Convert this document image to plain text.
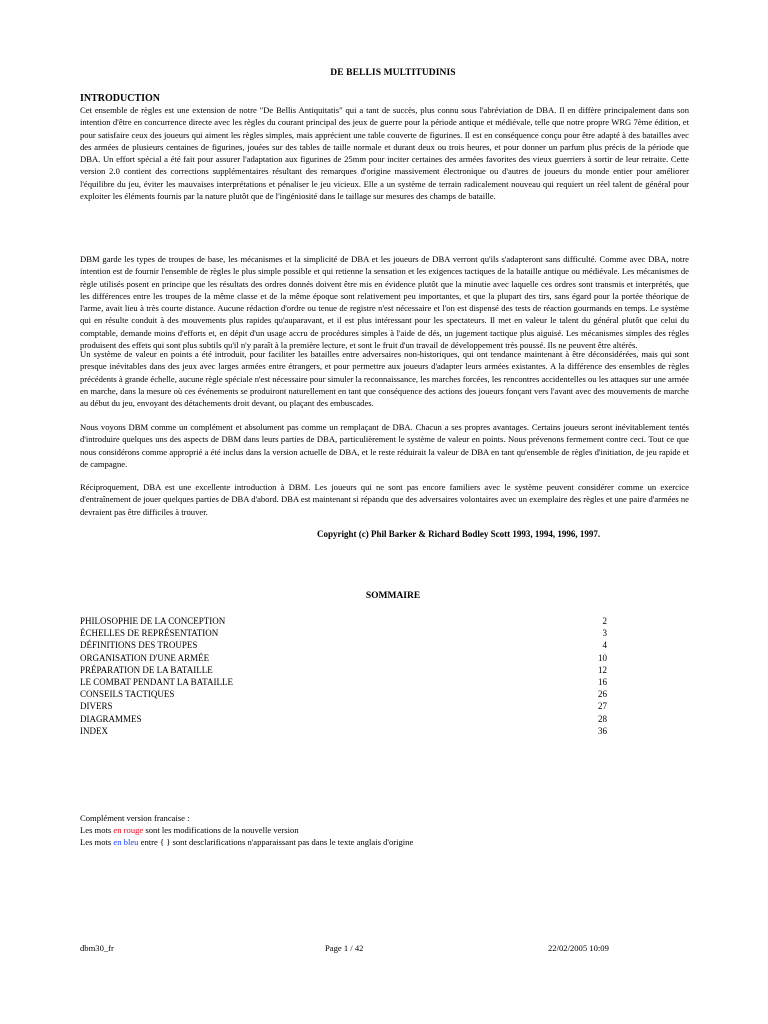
DE BELLIS MULTITUDINIS
INTRODUCTION
Cet ensemble de règles est une extension de notre "De Bellis Antiquitatis" qui a tant de succès, plus connu sous l'abréviation de DBA. Il en diffère principalement dans son intention d'être en concurrence directe avec les règles du courant principal des jeux de guerre pour la période antique et médiévale, telle que notre propre WRG 7ème édition, et pour satisfaire ceux des joueurs qui aiment les règles simples, mais apprécient une table couverte de figurines. Il est en conséquence conçu pour être adapté à des batailles avec des armées de plusieurs centaines de figurines, jouées sur des tables de taille normale et durant deux ou trois heures, et pour donner un parfum plus précis de la période que DBA. Un effort spécial a été fait pour assurer l'adaptation aux figurines de 25mm pour inciter certaines des armées favorites des vieux guerriers à sortir de leur retraite. Cette version 2.0 contient des corrections supplémentaires résultant des remarques d'origine massivement électronique ou d'autres de joueurs du monde entier pour améliorer l'équilibre du jeu, éviter les mauvaises interprétations et pénaliser le jeu vicieux. Elle a un système de terrain radicalement nouveau qui requiert un réel talent de général pour exploiter les éléments fournis par la nature plutôt que de l'ingéniosité dans le taillage sur mesures des champs de bataille.
DBM garde les types de troupes de base, les mécanismes et la simplicité de DBA et les joueurs de DBA verront qu'ils s'adapteront sans difficulté. Comme avec DBA, notre intention est de fournir l'ensemble de règles le plus simple possible et qui retienne la sensation et les exigences tactiques de la bataille antique ou médiévale. Les mécanismes de règle utilisés posent en principe que les résultats des ordres donnés doivent être mis en évidence plutôt que la minutie avec laquelle ces ordres sont transmis et interprétés, que les différences entre les troupes de la même classe et de la même époque sont relativement peu importantes, et que la plupart des tirs, sans égard pour la portée théorique de l'arme, avait lieu à très courte distance. Aucune rédaction d'ordre ou tenue de registre n'est nécessaire et l'on est dispensé des tests de réaction gourmands en temps. Le système qui en résulte conduit à des mouvements plus rapides qu'auparavant, et il est plus intéressant pour les spectateurs. Il met en valeur le talent du général plutôt que celui du comptable, demande moins d'efforts et, en dépit d'un usage accru de procédures simples à l'aide de dés, un jugement tactique plus aiguisé. Les mécanismes simples des règles produisent des effets qui sont plus subtils qu'il n'y paraît à la première lecture, et sont le fruit d'un travail de développement très poussé. Ils ne peuvent être altérés.
Un système de valeur en points a été introduit, pour faciliter les batailles entre adversaires non-historiques, qui ont tendance maintenant à être déconsidérées, mais qui sont presque inévitables dans des jeux avec larges armées entre étrangers, et pour permettre aux joueurs d'adapter leurs armées existantes. A la différence des ensembles de règles précédents à grande échelle, aucune règle spéciale n'est nécessaire pour simuler la reconnaissance, les marches forcées, les rencontres accidentelles ou les attaques sur une armée en marche, dans la mesure où ces événements se produiront naturellement en tant que conséquence des actions des joueurs fonçant vers l'avant avec des mouvements de marche au début du jeu, envoyant des détachements droit devant, ou plaçant des embuscades.
Nous voyons DBM comme un complément et absolument pas comme un remplaçant de DBA. Chacun a ses propres avantages. Certains joueurs seront inévitablement tentés d'introduire quelques uns des aspects de DBM dans leurs parties de DBA, particulièrement le système de valeur en points. Nous prévenons fermement contre ceci. Tout ce que nous considérons comme approprié a été inclus dans la version actuelle de DBA, et le reste réduirait la valeur de DBA en tant qu'ensemble de règles d'initiation, de jeu rapide et de campagne.
Réciproquement, DBA est une excellente introduction à DBM. Les joueurs qui ne sont pas encore familiers avec le système peuvent considérer comme un exercice d'entraînement de jouer quelques parties de DBA d'abord. DBA est maintenant si répandu que des adversaires volontaires avec un exemplaire des règles et une paire d'armées ne devraient pas être difficiles à trouver.
Copyright (c) Phil Barker & Richard Bodley Scott 1993, 1994, 1996, 1997.
SOMMAIRE
PHILOSOPHIE DE LA CONCEPTION	2
ÉCHELLES DE REPRÉSENTATION	3
DÉFINITIONS DES TROUPES	4
ORGANISATION D'UNE ARMÉE	10
PRÉPARATION DE LA BATAILLE	12
LE COMBAT PENDANT LA BATAILLE	16
CONSEILS TACTIQUES	26
DIVERS	27
DIAGRAMMES	28
INDEX	36
Complément version francaise :
Les mots en rouge sont les modifications de la nouvelle version
Les mots en bleu entre { } sont desclarifications n'apparaissant pas dans le texte anglais d'origine
dbm30_fr	Page 1 / 42	22/02/2005 10:09
